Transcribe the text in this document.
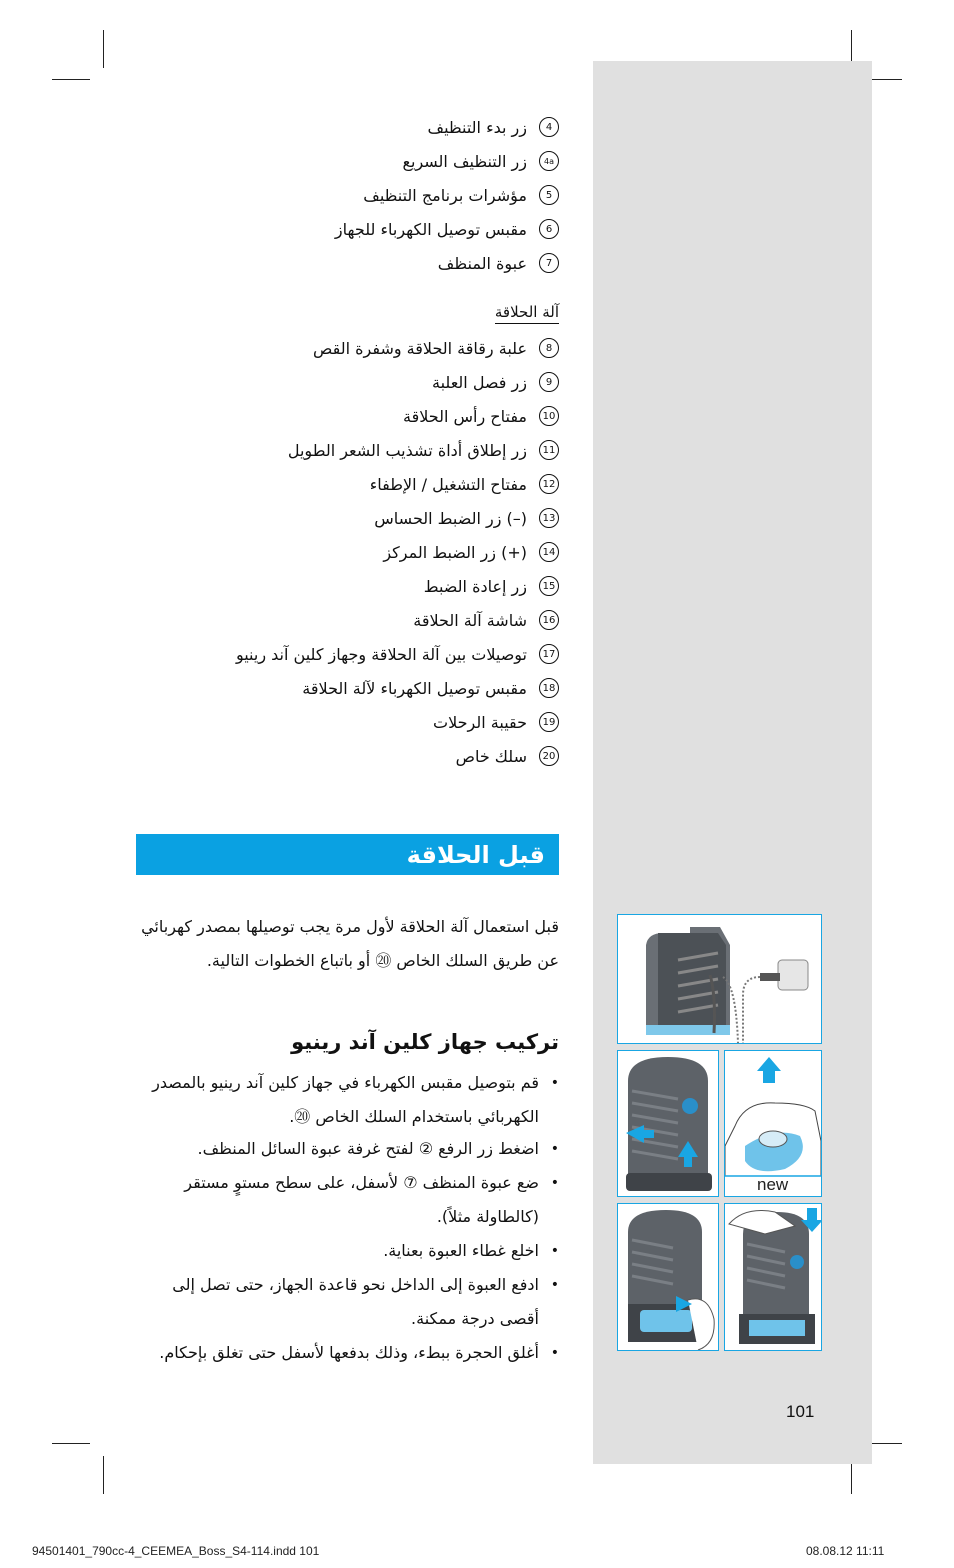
4
زر بدء التنظيف
4a
زر التنظيف السريع
5
مؤشرات برنامج التنظيف
6
مقبس توصيل الكهرباء للجهاز
7
عبوة المنظف
آلة الحلاقة
8
علبة رقاقة الحلاقة وشفرة القص
9
زر فصل العلبة
10
مفتاح رأس الحلاقة
11
زر إطلاق أداة تشذيب الشعر الطويل
12
مفتاح التشغيل / الإطفاء
13
(–) زر الضبط الحساس
14
(+) زر الضبط المركز
15
زر إعادة الضبط
16
شاشة آلة الحلاقة
17
توصيلات بين آلة الحلاقة وجهاز كلين آند رينيو
18
مقبس توصيل الكهرباء لآلة الحلاقة
19
حقيبة الرحلات
20
سلك خاص
قبل الحلاقة
قبل استعمال آلة الحلاقة لأول مرة يجب توصيلها بمصدر كهربائي عن طريق السلك الخاص ⑳ أو باتباع الخطوات التالية.
تركيب جهاز كلين آند رينيو
•
قم بتوصيل مقبس الكهرباء في جهاز كلين آند رينيو بالمصدر الكهربائي باستخدام السلك الخاص ⑳.
•
اضغط زر الرفع ② لفتح غرفة عبوة السائل المنظف.
•
ضع عبوة المنظف ⑦ لأسفل، على سطح مستوٍ مستقر (كالطاولة مثلاً).
•
اخلع غطاء العبوة بعناية.
•
ادفع العبوة إلى الداخل نحو قاعدة الجهاز، حتى تصل إلى أقصى درجة ممكنة.
•
أغلق الحجرة ببطء، وذلك بدفعها لأسفل حتى تغلق بإحكام.
new
101
94501401_790cc-4_CEEMEA_Boss_S4-114.indd 101	08.08.12 11:11
